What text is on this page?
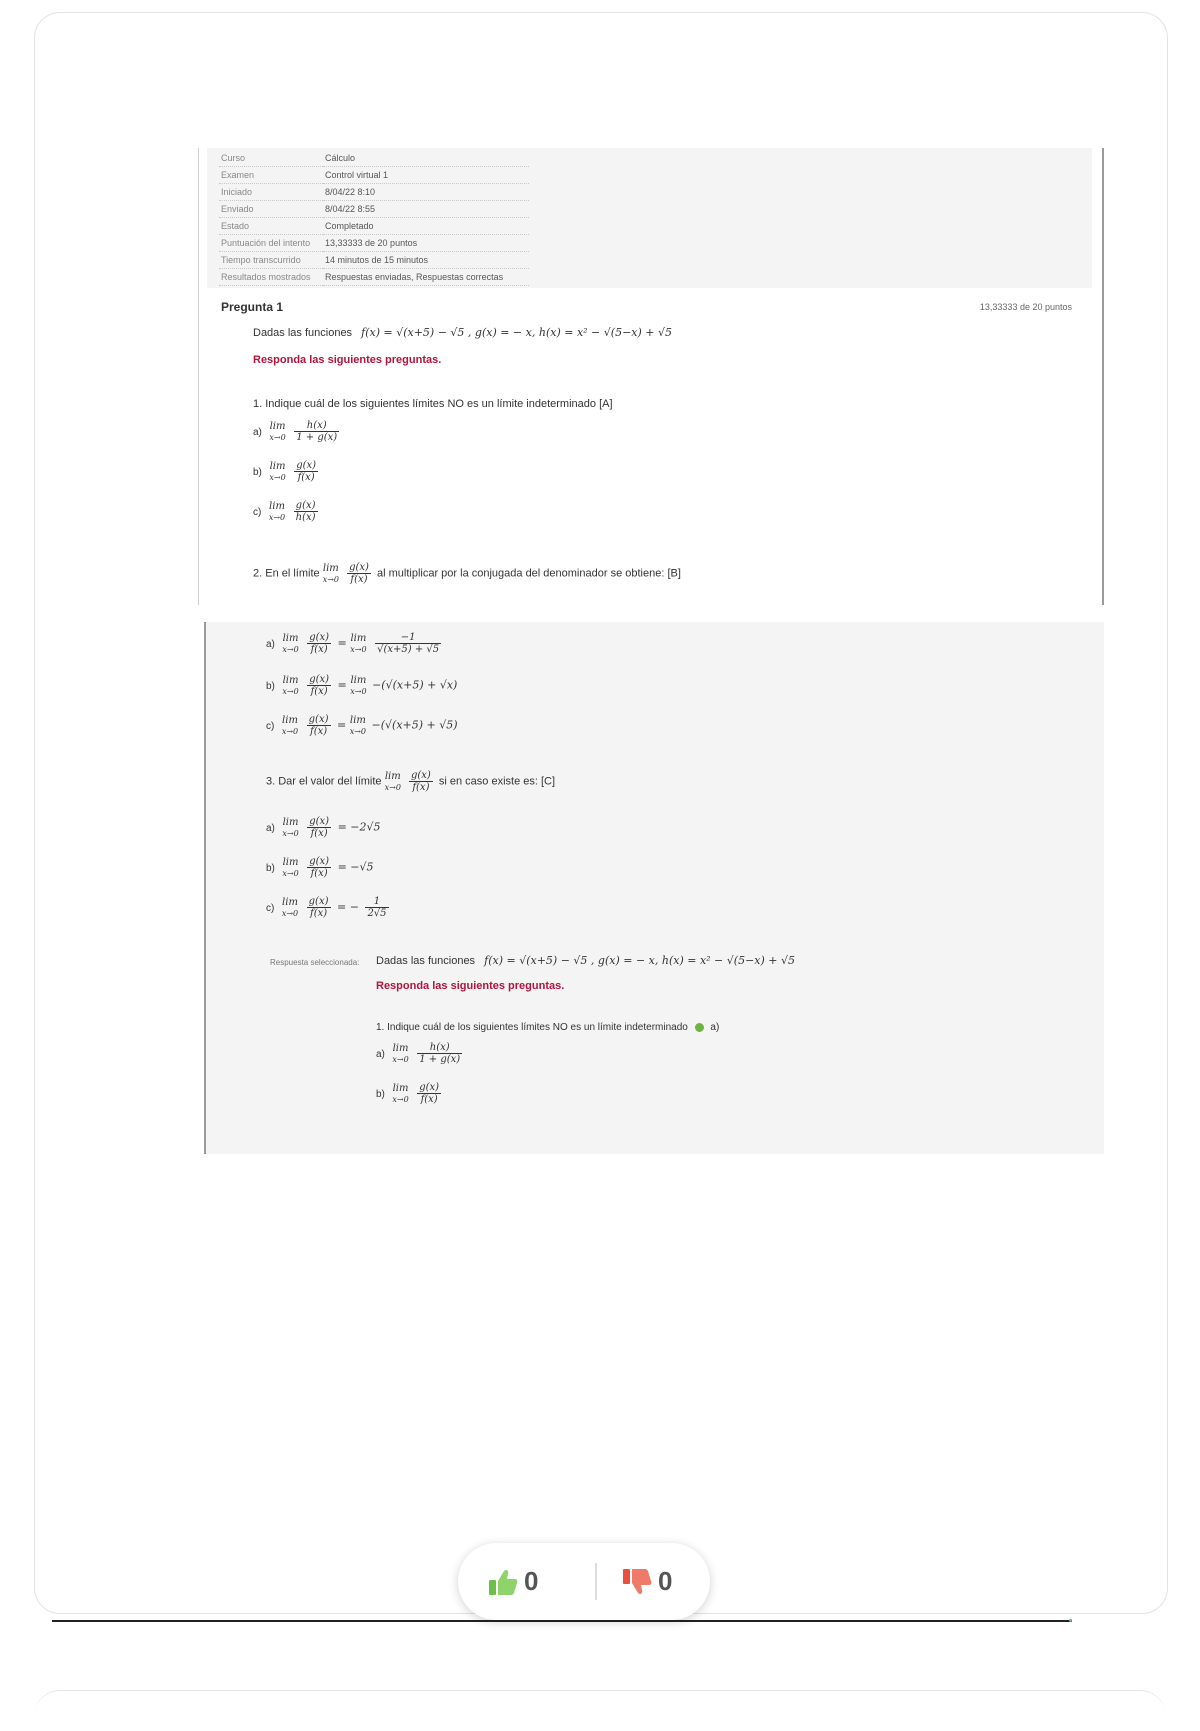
Curso	Cálculo
Examen	Control virtual 1
Iniciado	8/04/22 8:10
Enviado	8/04/22 8:55
Estado	Completado
Puntuación del intento	13,33333 de 20 puntos
Tiempo transcurrido	14 minutos de 15 minutos
Resultados mostrados	Respuestas enviadas, Respuestas correctas
Pregunta 1	13,33333 de 20 puntos
Dadas las funciones f(x) = √(x+5) − √5 , g(x) = − x, h(x) = x² − √(5−x) + √5
Responda las siguientes preguntas.
1. Indique cuál de los siguientes límites NO es un límite indeterminado [A]
a) lim
x→0
$\frac{h(x)}{1 + g(x)}$
b) lim
x→0
$\frac{g(x)}{f(x)}$
c) lim
x→0
$\frac{g(x)}{h(x)}$
2. En el límite lim
x→0
$\frac{g(x)}{f(x)}$ al multiplicar por la conjugada del denominador se obtiene: [B]
a) lim
x→0
$\frac{g(x)}{f(x)} = \lim$
x→0
$\frac{-1}{√(x+5) + √5}$
b) lim
x→0
$\frac{g(x)}{f(x)} = \lim$
x→0 −(√(x+5) + √x)
c) lim
x→0
$\frac{g(x)}{f(x)} = \lim$
x→0 −(√(x+5) + √5)
3. Dar el valor del límite lim
x→0
$\frac{g(x)}{f(x)}$ si en caso existe es: [C]
a) lim
x→0
$\frac{g(x)}{f(x)} = -2√5$
b) lim
x→0
$\frac{g(x)}{f(x)} = -√5$
c) lim
x→0
$\frac{g(x)}{f(x)}$ = − $\frac{1}{2√5}$
Respuesta seleccionada: Dadas las funciones f(x) = √(x+5) − √5 , g(x) = − x, h(x) = x² − √(5−x) + √5
Responda las siguientes preguntas.
1. Indique cuál de los siguientes límites NO es un límite indeterminado a)
a) lim
x→0
$\frac{h(x)}{1 + g(x)}$
b) lim
x→0
$\frac{g(x)}{f(x)}$
0	0
